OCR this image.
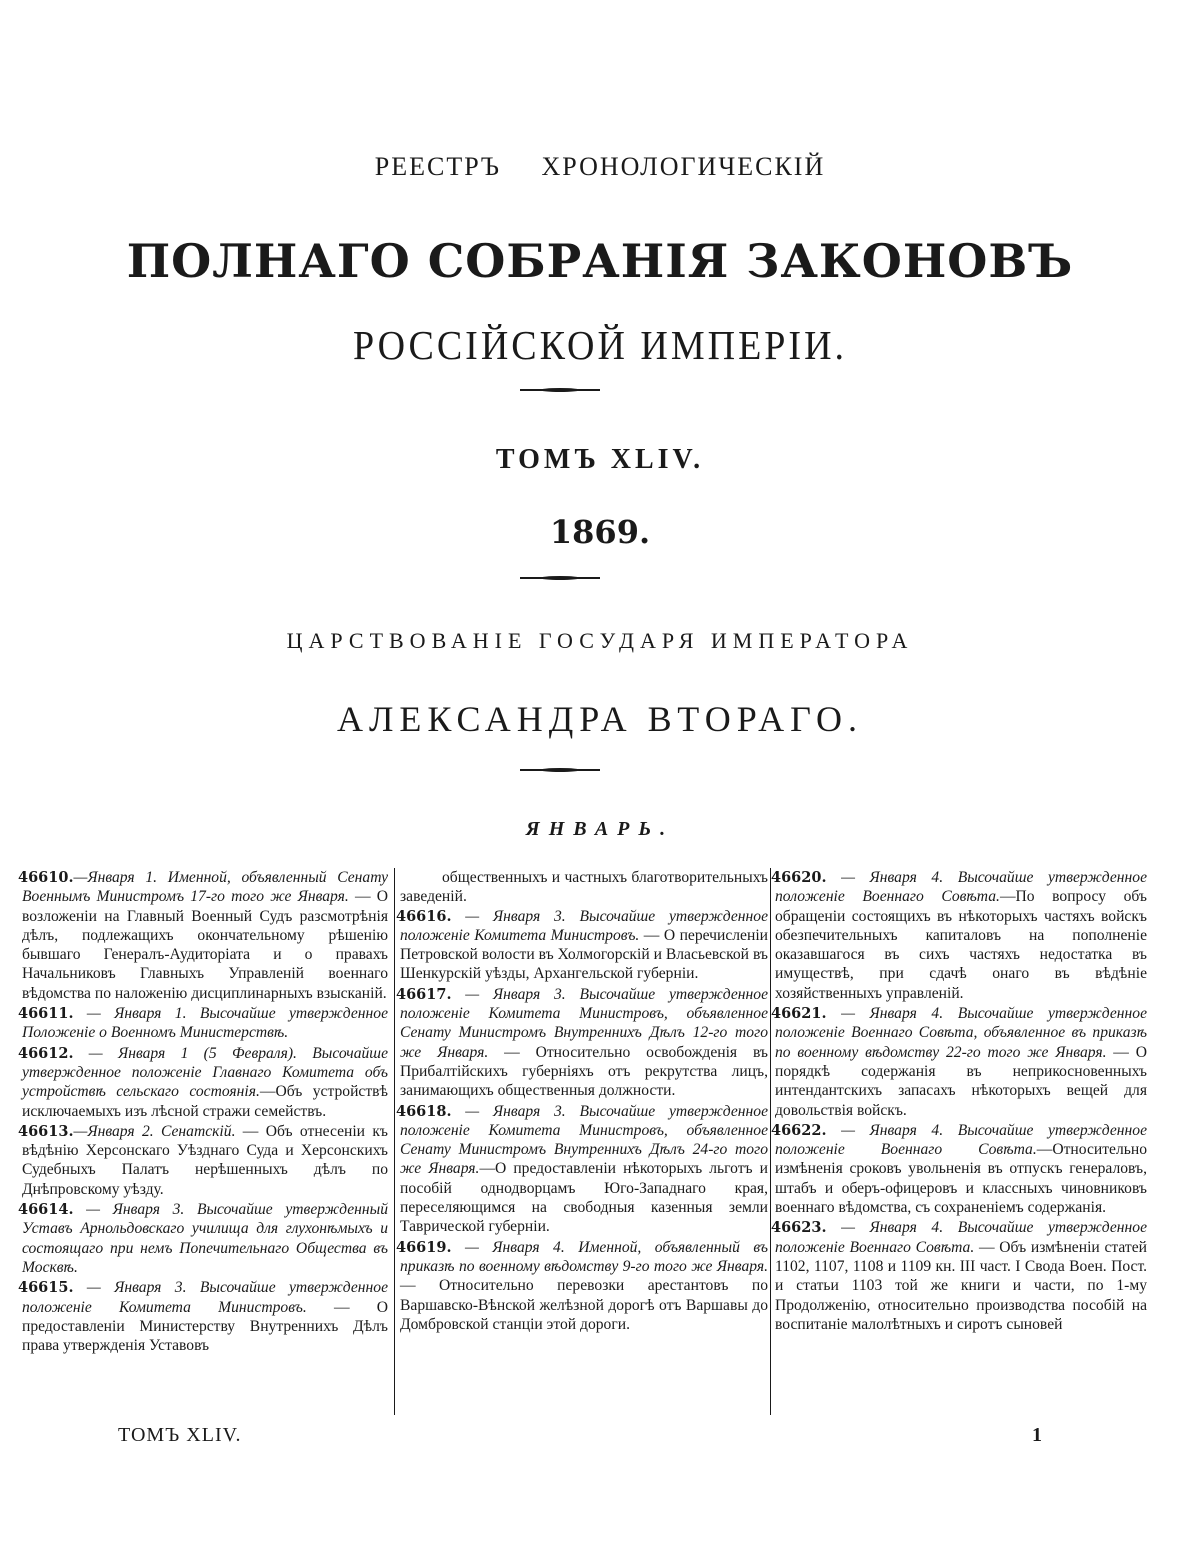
РЕЕСТРЪ ХРОНОЛОГИЧЕСКІЙ
ПОЛНАГО СОБРАНІЯ ЗАКОНОВЪ
РОССІЙСКОЙ ИМПЕРІИ.
ТОМЪ XLIV.
1869.
ЦАРСТВОВАНІЕ ГОСУДАРЯ ИМПЕРАТОРА
АЛЕКСАНДРА ВТОРАГО.
ЯНВАРЬ.

46610.—Января 1. Именной, объявленный Сенату Военнымъ Министромъ 17-го того же Января. — О возложеніи на Главный Военный Судъ разсмотрѣнія дѣлъ, подлежащихъ окончательному рѣшенію бывшаго Генералъ-Аудиторіата и о правахъ Начальниковъ Главныхъ Управленій военнаго вѣдомства по наложенію дисциплинарныхъ взысканій.

46611. — Января 1. Высочайше утвержденное Положеніе о Военномъ Министерствѣ.

46612. — Января 1 (5 Февраля). Высочайше утвержденное положеніе Главнаго Комитета объ устройствѣ сельскаго состоянія.—Объ устройствѣ исключаемыхъ изъ лѣсной стражи семействъ.

46613.—Января 2. Сенатскій. — Объ отнесеніи къ вѣдѣнію Херсонскаго Уѣзднаго Суда и Херсонскихъ Судебныхъ Палатъ нерѣшенныхъ дѣлъ по Днѣпровскому уѣзду.

46614. — Января 3. Высочайше утвержденный Уставъ Арнольдовскаго училища для глухонѣмыхъ и состоящаго при немъ Попечительнаго Общества въ Москвѣ.

46615. — Января 3. Высочайше утвержденное положеніе Комитета Министровъ. — О предоставленіи Министерству Внутреннихъ Дѣлъ права утвержденія Уставовъ

общественныхъ и частныхъ благотворительныхъ заведеній.

46616. — Января 3. Высочайше утвержденное положеніе Комитета Министровъ. — О перечисленіи Петровской волости въ Холмогорскій и Власьевской въ Шенкурскій уѣзды, Архангельской губерніи.

46617. — Января 3. Высочайше утвержденное положеніе Комитета Министровъ, объявленное Сенату Министромъ Внутреннихъ Дѣлъ 12-го того же Января. — Относительно освобожденія въ Прибалтійскихъ губерніяхъ отъ рекрутства лицъ, занимающихъ общественныя должности.

46618. — Января 3. Высочайше утвержденное положеніе Комитета Министровъ, объявленное Сенату Министромъ Внутреннихъ Дѣлъ 24-го того же Января.—О предоставленіи нѣкоторыхъ льготъ и пособій однодворцамъ Юго-Западнаго края, переселяющимся на свободныя казенныя земли Таврической губерніи.

46619. — Января 4. Именной, объявленный въ приказѣ по военному вѣдомству 9-го того же Января. — Относительно перевозки арестантовъ по Варшавско-Вѣнской желѣзной дорогѣ отъ Варшавы до Домбровской станціи этой дороги.

46620. — Января 4. Высочайше утвержденное положеніе Военнаго Совѣта.—По вопросу объ обращеніи состоящихъ въ нѣкоторыхъ частяхъ войскъ обезпечительныхъ капиталовъ на пополненіе оказавшагося въ сихъ частяхъ недостатка въ имуществѣ, при сдачѣ онаго въ вѣдѣніе хозяйственныхъ управленій.

46621. — Января 4. Высочайше утвержденное положеніе Военнаго Совѣта, объявленное въ приказѣ по военному вѣдомству 22-го того же Января. — О порядкѣ содержанія въ неприкосновенныхъ интендантскихъ запасахъ нѣкоторыхъ вещей для довольствія войскъ.

46622. — Января 4. Высочайше утвержденное положеніе Военнаго Совѣта.—Относительно измѣненія сроковъ увольненія въ отпускъ генераловъ, штабъ и оберъ-офицеровъ и классныхъ чиновниковъ военнаго вѣдомства, съ сохраненіемъ содержанія.

46623. — Января 4. Высочайше утвержденное положеніе Военнаго Совѣта. — Объ измѣненіи статей 1102, 1107, 1108 и 1109 кн. III част. I Свода Воен. Пост. и статьи 1103 той же книги и части, по 1-му Продолженію, относительно производства пособій на воспитаніе малолѣтныхъ и сиротъ сыновей

ТОМЪ XLIV.	1
